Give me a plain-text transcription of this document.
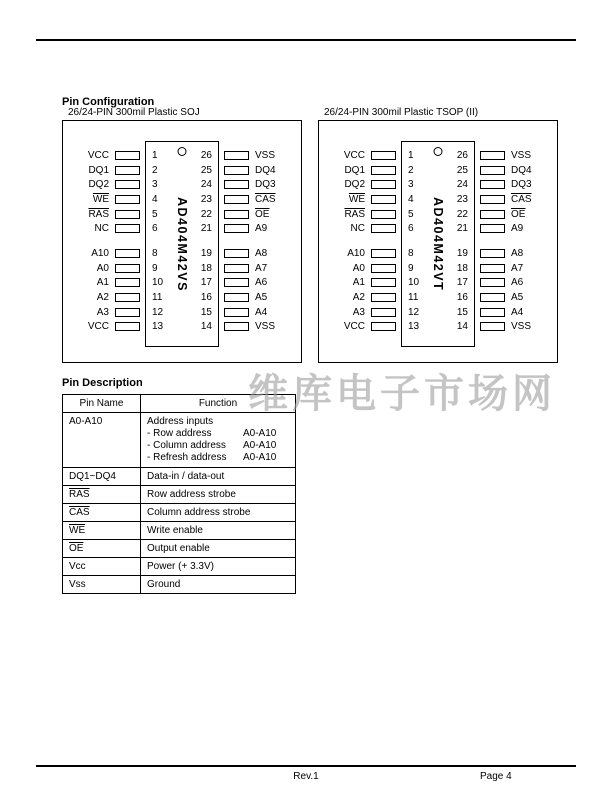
维库电子市场网
Pin Configuration
26/24-PIN 300mil Plastic SOJ
AD404M42VS
VCC	1	26	VSS
DQ1	2	25	DQ4
DQ2	3	24	DQ3
$\overline{WE}$	4	23	$\overline{CAS}$
$\overline{RAS}$	5	22	$\overline{OE}$
NC	6	21	A9
A10	8	19	A8
A0	9	18	A7
A1	10	17	A6
A2	11	16	A5
A3	12	15	A4
VCC	13	14	VSS
26/24-PIN 300mil Plastic TSOP (II)
AD404M42VT
VCC	1	26	VSS
DQ1	2	25	DQ4
DQ2	3	24	DQ3
$\overline{WE}$	4	23	$\overline{CAS}$
$\overline{RAS}$	5	22	$\overline{OE}$
NC	6	21	A9
A10	8	19	A8
A0	9	18	A7
A1	10	17	A6
A2	11	16	A5
A3	12	15	A4
VCC	13	14	VSS
Pin Description
Pin Name	Function
A0-A10	Address inputs
- Row address	A0-A10
- Column address A0-A10
- Refresh address A0-A10
DQ1~DQ4	Data-in / data-out
$\overline{RAS}$	Row address strobe
$\overline{CAS}$	Column address strobe
$\overline{WE}$	Write enable
$\overline{OE}$	Output enable
Vcc	Power (+ 3.3V)
Vss	Ground
Rev.1	Page 4
